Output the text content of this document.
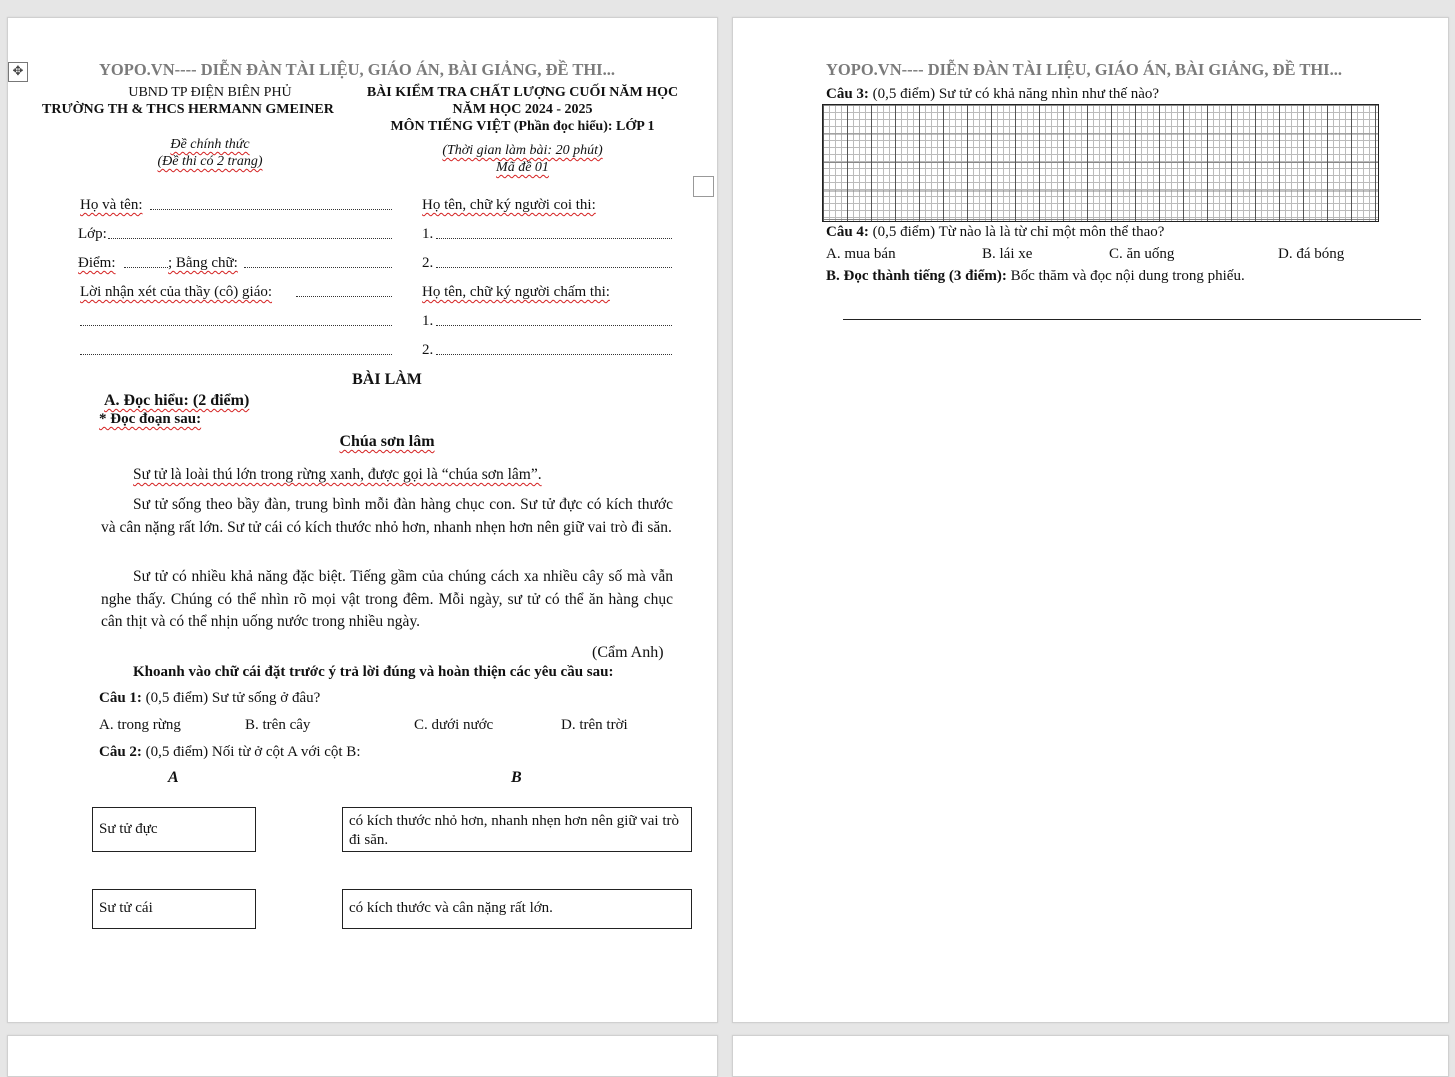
✥	YOPO.VN---- DIỄN ĐÀN TÀI LIỆU, GIÁO ÁN, BÀI GIẢNG, ĐỀ THI...
UBND TP ĐIỆN BIÊN PHỦ
TRƯỜNG TH & THCS HERMANN GMEINER
Đề chính thức
(Đề thi có 2 trang)
BÀI KIỂM TRA CHẤT LƯỢNG CUỐI NĂM HỌC
NĂM HỌC 2024 - 2025
MÔN TIẾNG VIỆT (Phần đọc hiểu): LỚP 1
(Thời gian làm bài: 20 phút)
Mã đề 01
Họ và tên:
Lớp:
Điểm:	; Bằng chữ:
Lời nhận xét của thầy (cô) giáo:
Họ tên, chữ ký người coi thi:
1.
2.
Họ tên, chữ ký người chấm thi:
1.
2.
BÀI LÀM
A. Đọc hiểu: (2 điểm)
* Đọc đoạn sau:
Chúa sơn lâm
Sư tử là loài thú lớn trong rừng xanh, được gọi là “chúa sơn lâm”.
Sư tử sống theo bầy đàn, trung bình mỗi đàn hàng chục con. Sư tử đực có kích thước và cân nặng rất lớn. Sư tử cái có kích thước nhỏ hơn, nhanh nhẹn hơn nên giữ vai trò đi săn.
Sư tử có nhiều khả năng đặc biệt. Tiếng gầm của chúng cách xa nhiều cây số mà vẫn nghe thấy. Chúng có thể nhìn rõ mọi vật trong đêm. Mỗi ngày, sư tử có thể ăn hàng chục cân thịt và có thể nhịn uống nước trong nhiều ngày.
(Cẩm Anh)
Khoanh vào chữ cái đặt trước ý trả lời đúng và hoàn thiện các yêu cầu sau:
Câu 1: (0,5 điểm) Sư tử sống ở đâu?
A. trong rừng	B. trên cây	C. dưới nước	D. trên trời
Câu 2: (0,5 điểm) Nối từ ở cột A với cột B:
A	B
Sư tử đực	có kích thước nhỏ hơn, nhanh nhẹn hơn nên giữ vai trò đi săn.
Sư tử cái	có kích thước và cân nặng rất lớn.
YOPO.VN---- DIỄN ĐÀN TÀI LIỆU, GIÁO ÁN, BÀI GIẢNG, ĐỀ THI...
Câu 3: (0,5 điểm) Sư tử có khả năng nhìn như thế nào?
Câu 4: (0,5 điểm) Từ nào là là từ chỉ một môn thể thao?
A. mua bán	B. lái xe	C. ăn uống	D. đá bóng
B. Đọc thành tiếng (3 điểm): Bốc thăm và đọc nội dung trong phiếu.
